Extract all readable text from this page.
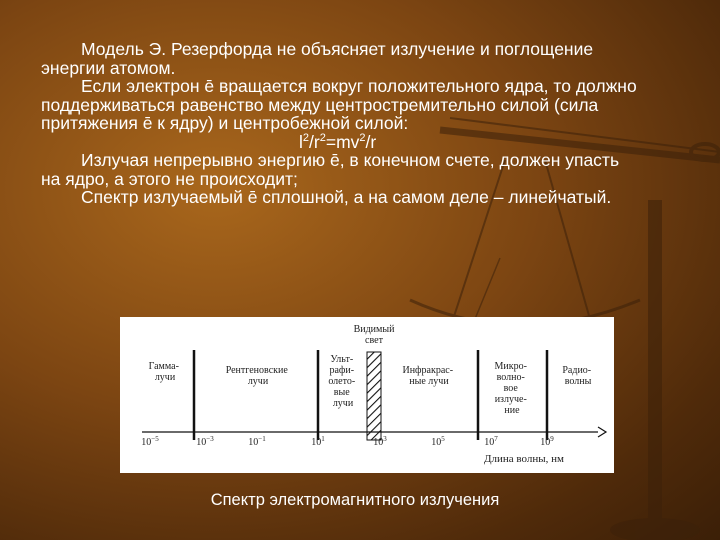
Модель Э. Резерфорда не объясняет излучение и поглощение энергии атомом.

Если электрон ē вращается вокруг положительного ядра, то должно поддерживаться равенство между центростремительно силой (сила притяжения ē к ядру) и центробежной силой:

$l^2/r^2=mv^2/r$

Излучая непрерывно энергию ē, в конечном счете, должен упасть на ядро, а этого не происходит;

Спектр излучаемый ē сплошной, а на самом деле – линейчатый.

Видимый
свет
Гамма- лучи
Рентгеновские лучи
Ульт- рафи- олето- вые лучи
Инфракрас- ные лучи
Микро- волно- вое излуче- ние
Радио- волны
$10^{-5}$	$10^{-3}$	$10^{-1}$	$10^1$	$10^3$	$10^5$	$10^7$	$10^9$
Длина волны, нм
Спектр электромагнитного излучения
